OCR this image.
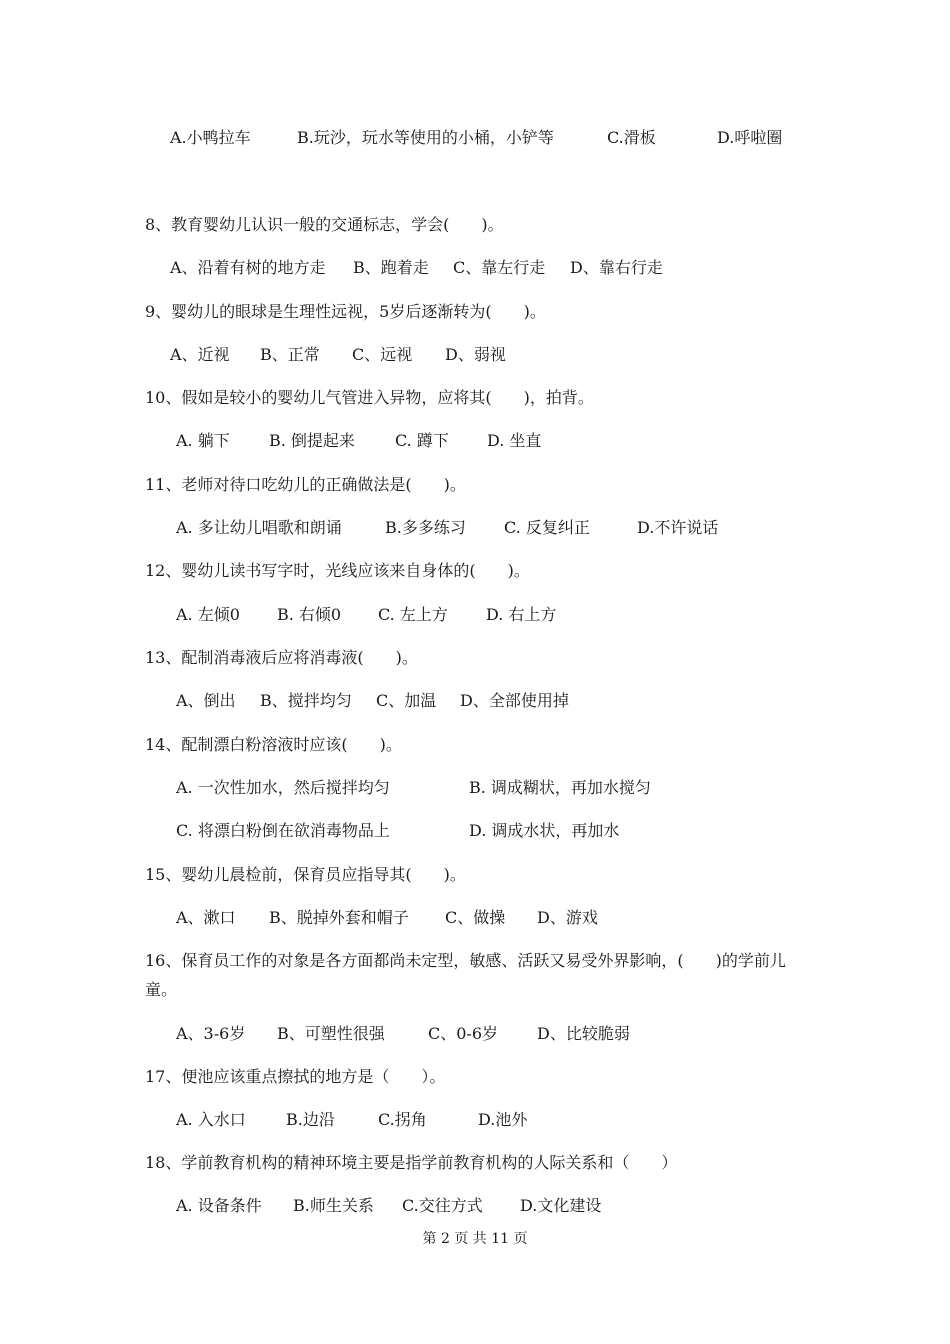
A.小鸭拉车

	B.玩沙，玩水等使用的小桶，小铲等

	C.滑板

	D.呼啦圈

8、教育婴幼儿认识一般的交通标志，学会(　　)。

A、沿着有树的地方走

B、跑着走

C、靠左行走

D、靠右行走

9、婴幼儿的眼球是生理性远视，5岁后逐渐转为(　　)。

A、近视

B、正常

C、远视

D、弱视

10、假如是较小的婴幼儿气管进入异物，应将其(　　)，拍背。

A. 躺下

B. 倒提起来

	C. 蹲下

D. 坐直

11、老师对待口吃幼儿的正确做法是(　　)。

A. 多让幼儿唱歌和朗诵

	B.多多练习

C. 反复纠正

	D.不许说话

12、婴幼儿读书写字时，光线应该来自身体的(　　)。

A. 左倾0

B. 右倾0

C. 左上方

D. 右上方

13、配制消毒液后应将消毒液(　　)。

A、倒出

B、搅拌均匀

C、加温

D、全部使用掉

14、配制漂白粉溶液时应该(　　)。

A. 一次性加水，然后搅拌均匀

	B. 调成糊状，再加水搅匀

C. 将漂白粉倒在欲消毒物品上

	D. 调成水状，再加水

15、婴幼儿晨检前，保育员应指导其(　　)。

A、漱口

B、脱掉外套和帽子

C、做操

D、游戏

16、保育员工作的对象是各方面都尚未定型，敏感、活跃又易受外界影响，(　　)的学前儿
童。

A、3-6岁

B、可塑性很强

	C、0-6岁

D、比较脆弱

17、便池应该重点擦拭的地方是（　　）。

A. 入水口

	B.边沿

	C.拐角

	D.池外

18、学前教育机构的精神环境主要是指学前教育机构的人际关系和（　　）

A. 设备条件

B.师生关系

C.交往方式

D.文化建设

第 2 页 共 11 页
